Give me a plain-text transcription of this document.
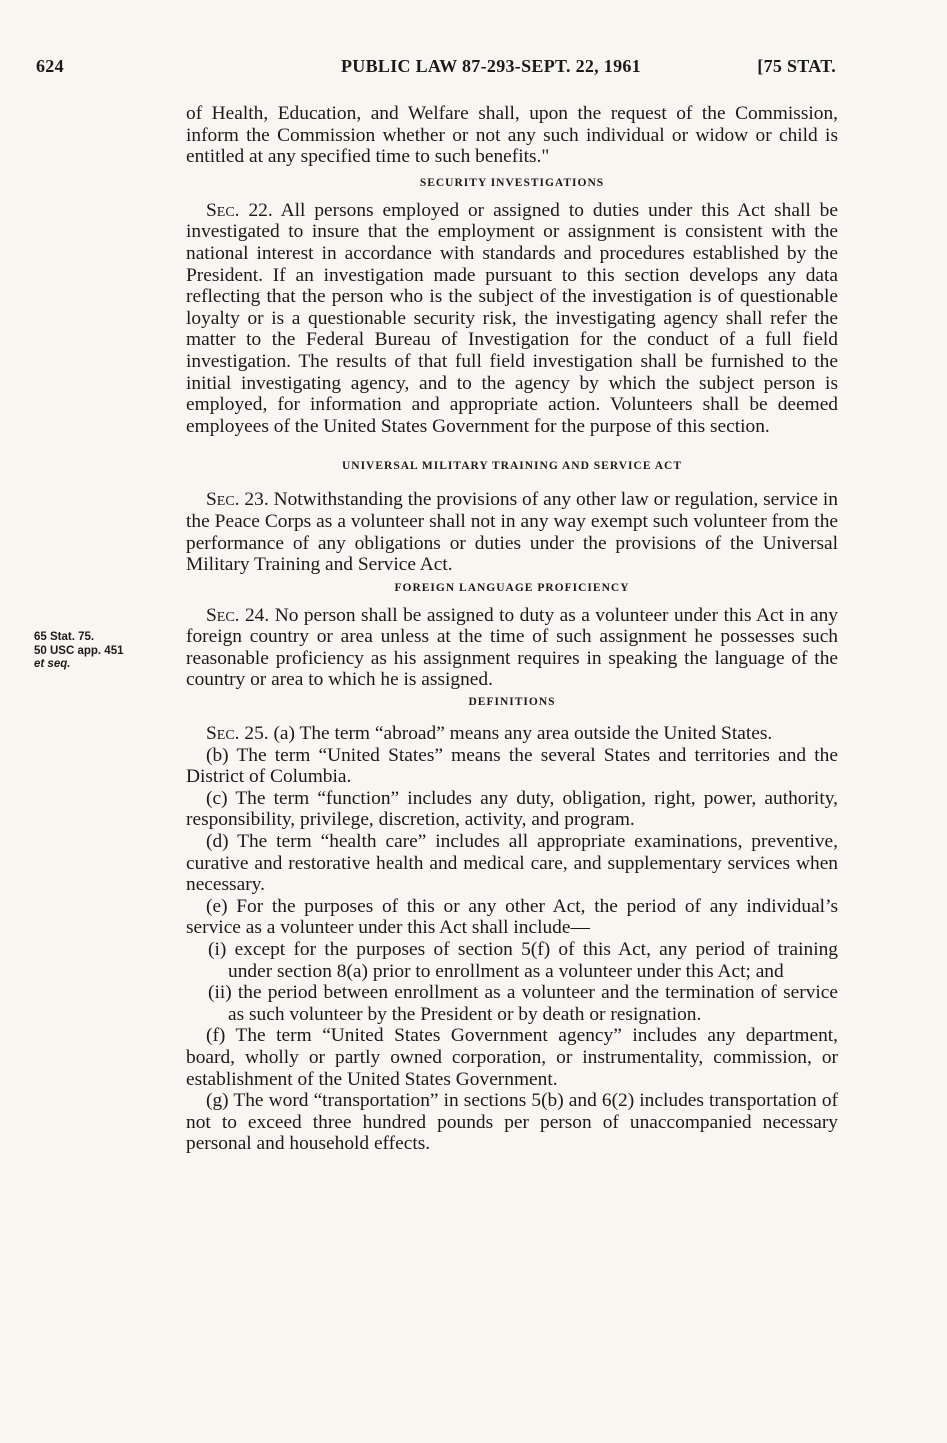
624	PUBLIC LAW 87-293-SEPT. 22, 1961	[75 STAT.
65 Stat. 75.
50 USC app. 451
et seq.

of Health, Education, and Welfare shall, upon the request of the Commission, inform the Commission whether or not any such individual or widow or child is entitled at any specified time to such benefits."

SECURITY INVESTIGATIONS

Sec. 22. All persons employed or assigned to duties under this Act shall be investigated to insure that the employment or assignment is consistent with the national interest in accordance with standards and procedures established by the President. If an investigation made pursuant to this section develops any data reflecting that the person who is the subject of the investigation is of questionable loyalty or is a questionable security risk, the investigating agency shall refer the matter to the Federal Bureau of Investigation for the conduct of a full field investigation. The results of that full field investigation shall be furnished to the initial investigating agency, and to the agency by which the subject person is employed, for information and appropriate action. Volunteers shall be deemed employees of the United States Government for the purpose of this section.

UNIVERSAL MILITARY TRAINING AND SERVICE ACT

Sec. 23. Notwithstanding the provisions of any other law or regulation, service in the Peace Corps as a volunteer shall not in any way exempt such volunteer from the performance of any obligations or duties under the provisions of the Universal Military Training and Service Act.

FOREIGN LANGUAGE PROFICIENCY

Sec. 24. No person shall be assigned to duty as a volunteer under this Act in any foreign country or area unless at the time of such assignment he possesses such reasonable proficiency as his assignment requires in speaking the language of the country or area to which he is assigned.

DEFINITIONS

Sec. 25. (a) The term “abroad” means any area outside the United States.

(b) The term “United States” means the several States and territories and the District of Columbia.

(c) The term “function” includes any duty, obligation, right, power, authority, responsibility, privilege, discretion, activity, and program.

(d) The term “health care” includes all appropriate examinations, preventive, curative and restorative health and medical care, and supplementary services when necessary.

(e) For the purposes of this or any other Act, the period of any individual’s service as a volunteer under this Act shall include—

(i) except for the purposes of section 5(f) of this Act, any period of training under section 8(a) prior to enrollment as a volunteer under this Act; and

(ii) the period between enrollment as a volunteer and the termination of service as such volunteer by the President or by death or resignation.

(f) The term “United States Government agency” includes any department, board, wholly or partly owned corporation, or instrumentality, commission, or establishment of the United States Government.

(g) The word “transportation” in sections 5(b) and 6(2) includes transportation of not to exceed three hundred pounds per person of unaccompanied necessary personal and household effects.
